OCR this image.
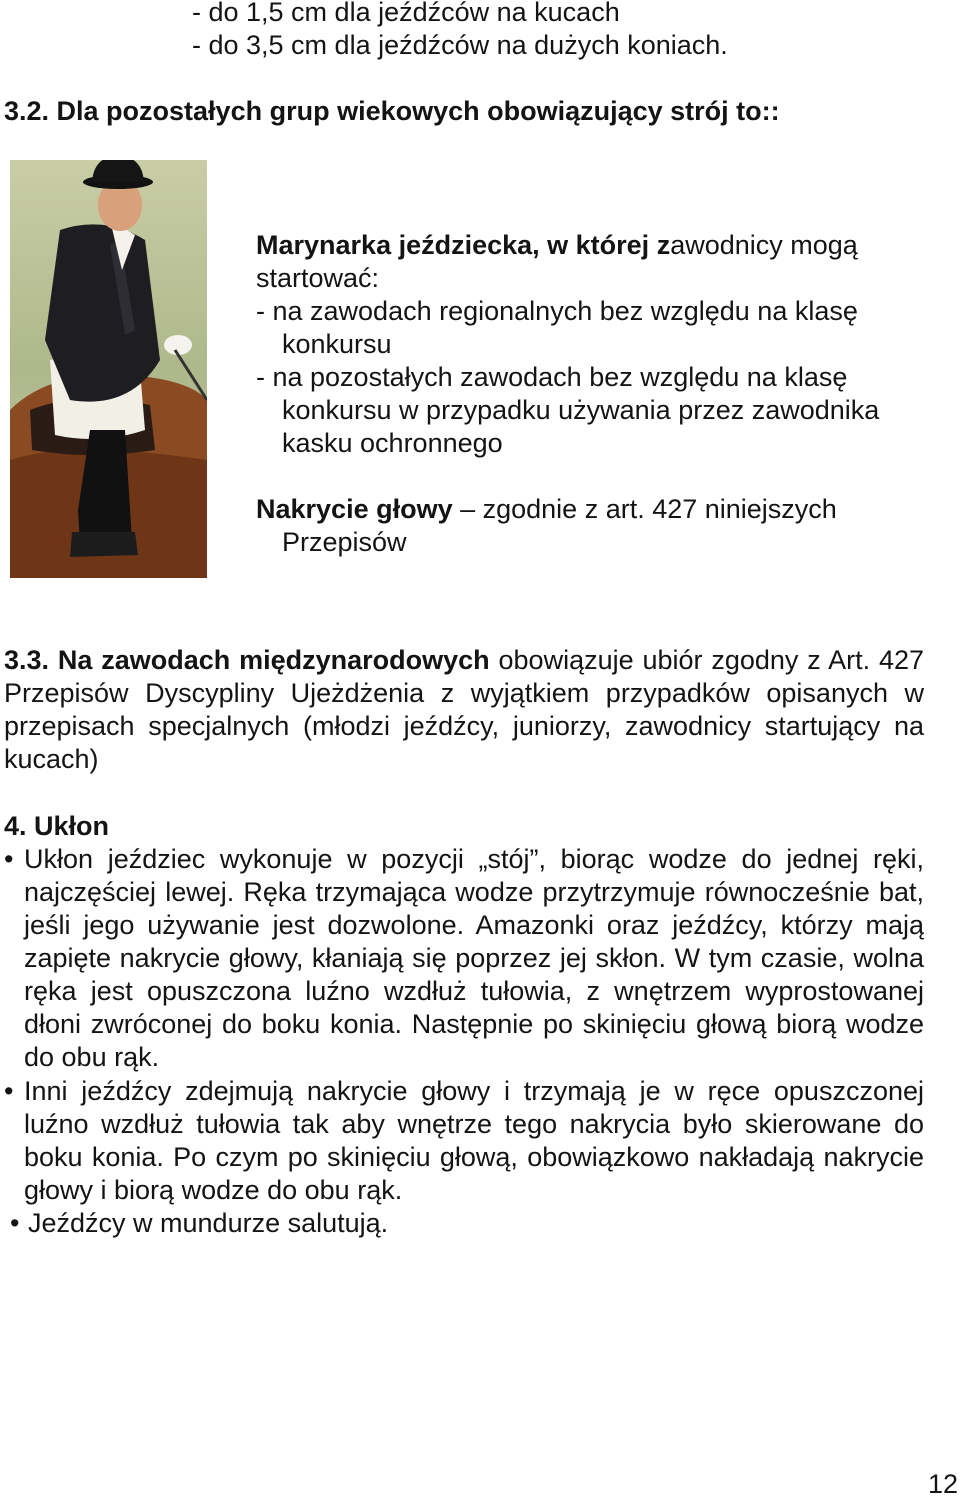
- do 1,5 cm dla jeźdźców na kucach
- do 3,5 cm dla jeźdźców na dużych koniach.
3.2. Dla pozostałych grup wiekowych obowiązujący strój to::
Marynarka jeździecka, w której zawodnicy mogą
startować:
- na zawodach regionalnych bez względu na klasę
konkursu
- na pozostałych zawodach bez względu na klasę
konkursu w przypadku używania przez zawodnika
kasku ochronnego
Nakrycie głowy – zgodnie z art. 427 niniejszych
Przepisów
3.3. Na zawodach międzynarodowych obowiązuje ubiór zgodny z Art. 427 Przepisów Dyscypliny Ujeżdżenia z wyjątkiem przypadków opisanych w przepisach specjalnych (młodzi jeźdźcy, juniorzy, zawodnicy startujący na kucach)
4. Ukłon
• Ukłon jeździec wykonuje w pozycji „stój”, biorąc wodze do jednej ręki, najczęściej lewej. Ręka trzymająca wodze przytrzymuje równocześnie bat, jeśli jego używanie jest dozwolone. Amazonki oraz jeźdźcy, którzy mają zapięte nakrycie głowy, kłaniają się poprzez jej skłon. W tym czasie, wolna ręka jest opuszczona luźno wzdłuż tułowia, z wnętrzem wyprostowanej dłoni zwróconej do boku konia. Następnie po skinięciu głową biorą wodze do obu rąk.
• Inni jeźdźcy zdejmują nakrycie głowy i trzymają je w ręce opuszczonej luźno wzdłuż tułowia tak aby wnętrze tego nakrycia było skierowane do boku konia. Po czym po skinięciu głową, obowiązkowo nakładają nakrycie głowy i biorą wodze do obu rąk.
• Jeźdźcy w mundurze salutują.
12
